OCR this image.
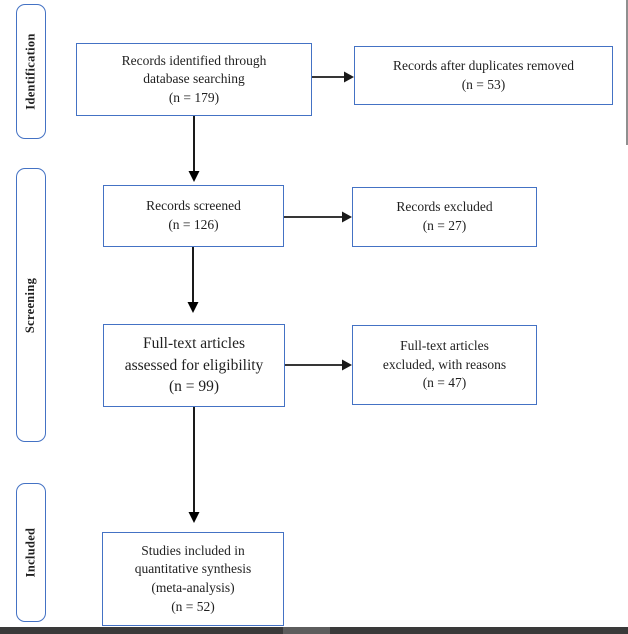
Identification
Screening
Included
Records identified through
database searching
(n = 179)
Records after duplicates removed
(n = 53)
Records screened
(n = 126)
Records excluded
(n = 27)
Full-text articles
assessed for eligibility
(n = 99)
Full-text articles
excluded, with reasons
(n = 47)
Studies included in
quantitative synthesis
(meta-analysis)
(n = 52)
